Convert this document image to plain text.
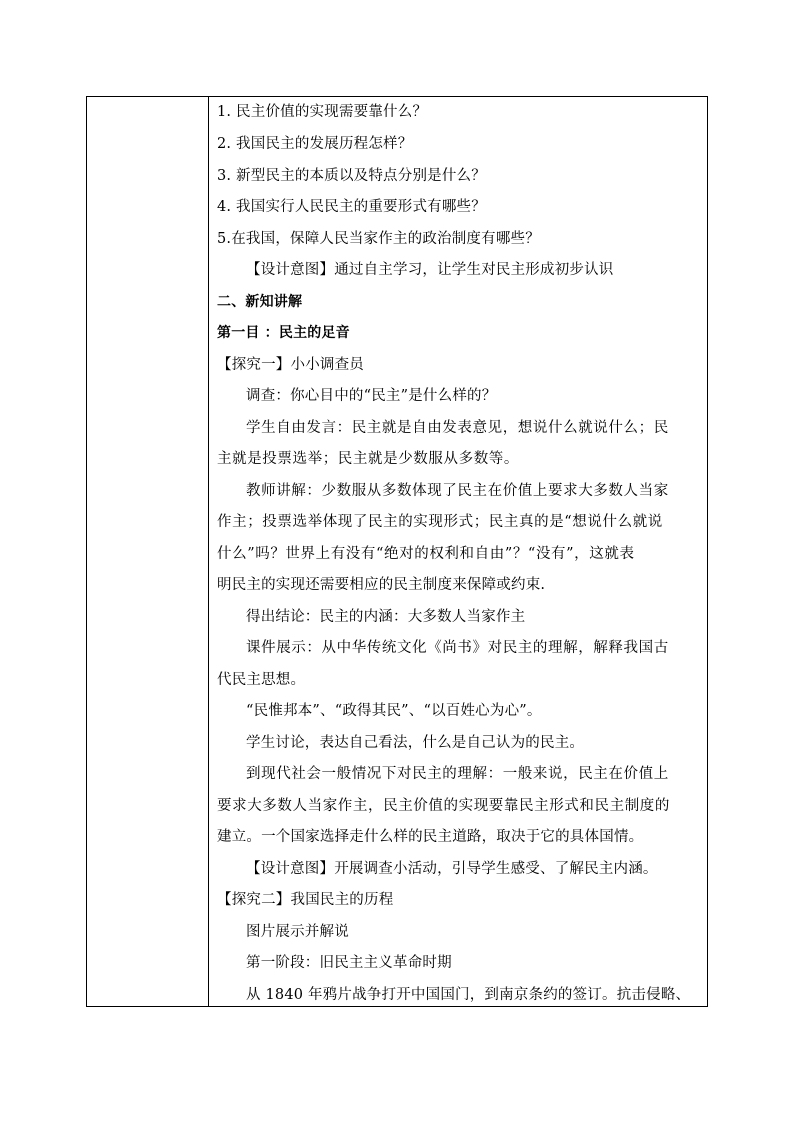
1. 民主价值的实现需要靠什么？
2. 我国民主的发展历程怎样？
3. 新型民主的本质以及特点分别是什么？
4. 我国实行人民民主的重要形式有哪些？
5.在我国，保障人民当家作主的政治制度有哪些？
【设计意图】通过自主学习，让学生对民主形成初步认识
二、新知讲解
第一目 ：民主的足音
【探究一】小小调查员
调查：你心目中的“民主”是什么样的？
学生自由发言：民主就是自由发表意见，想说什么就说什么；民
主就是投票选举；民主就是少数服从多数等。
教师讲解：少数服从多数体现了民主在价值上要求大多数人当家
作主；投票选举体现了民主的实现形式；民主真的是“想说什么就说
什么”吗？世界上有没有“绝对的权利和自由”？“没有”，这就表
明民主的实现还需要相应的民主制度来保障或约束.
得出结论：民主的内涵：大多数人当家作主
课件展示：从中华传统文化《尚书》对民主的理解，解释我国古
代民主思想。
“民惟邦本”、“政得其民”、“以百姓心为心”。
学生讨论，表达自己看法，什么是自己认为的民主。
到现代社会一般情况下对民主的理解：一般来说，民主在价值上
要求大多数人当家作主，民主价值的实现要靠民主形式和民主制度的
建立。一个国家选择走什么样的民主道路，取决于它的具体国情。
【设计意图】开展调查小活动，引导学生感受、了解民主内涵。
【探究二】我国民主的历程
图片展示并解说
第一阶段：旧民主主义革命时期
从 1840 年鸦片战争打开中国国门，到南京条约的签订。抗击侵略、
